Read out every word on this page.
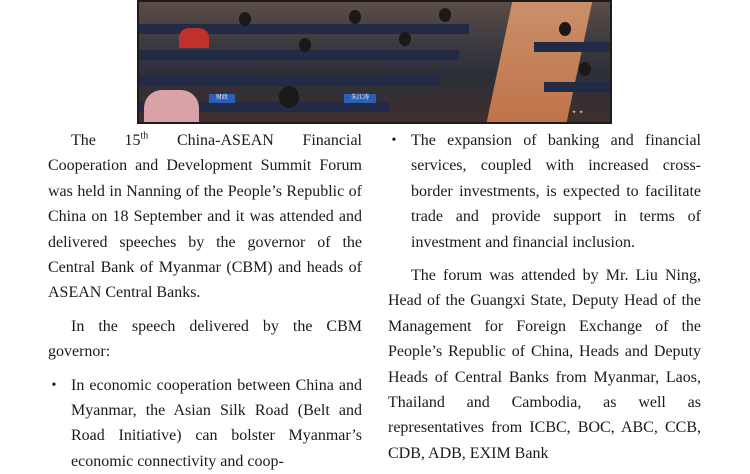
财政	朱江涛
✦ ✦

The 15th China-ASEAN Financial Cooperation and Development Summit Forum was held in Nanning of the People’s Republic of China on 18 September and it was attended and delivered speeches by the governor of the Central Bank of Myanmar (CBM) and heads of ASEAN Central Banks.

In the speech delivered by the CBM governor:

• In economic cooperation between China and Myanmar, the Asian Silk Road (Belt and Road Initiative) can bolster Myanmar’s economic connectivity and coop-

• The expansion of banking and financial services, coupled with increased cross-border investments, is expected to facilitate trade and provide support in terms of investment and financial inclusion.

The forum was attended by Mr. Liu Ning, Head of the Guangxi State, Deputy Head of the Management for Foreign Exchange of the People’s Republic of China, Heads and Deputy Heads of Central Banks from Myanmar, Laos, Thailand and Cambodia, as well as representatives from ICBC, BOC, ABC, CCB, CDB, ADB, EXIM Bank
